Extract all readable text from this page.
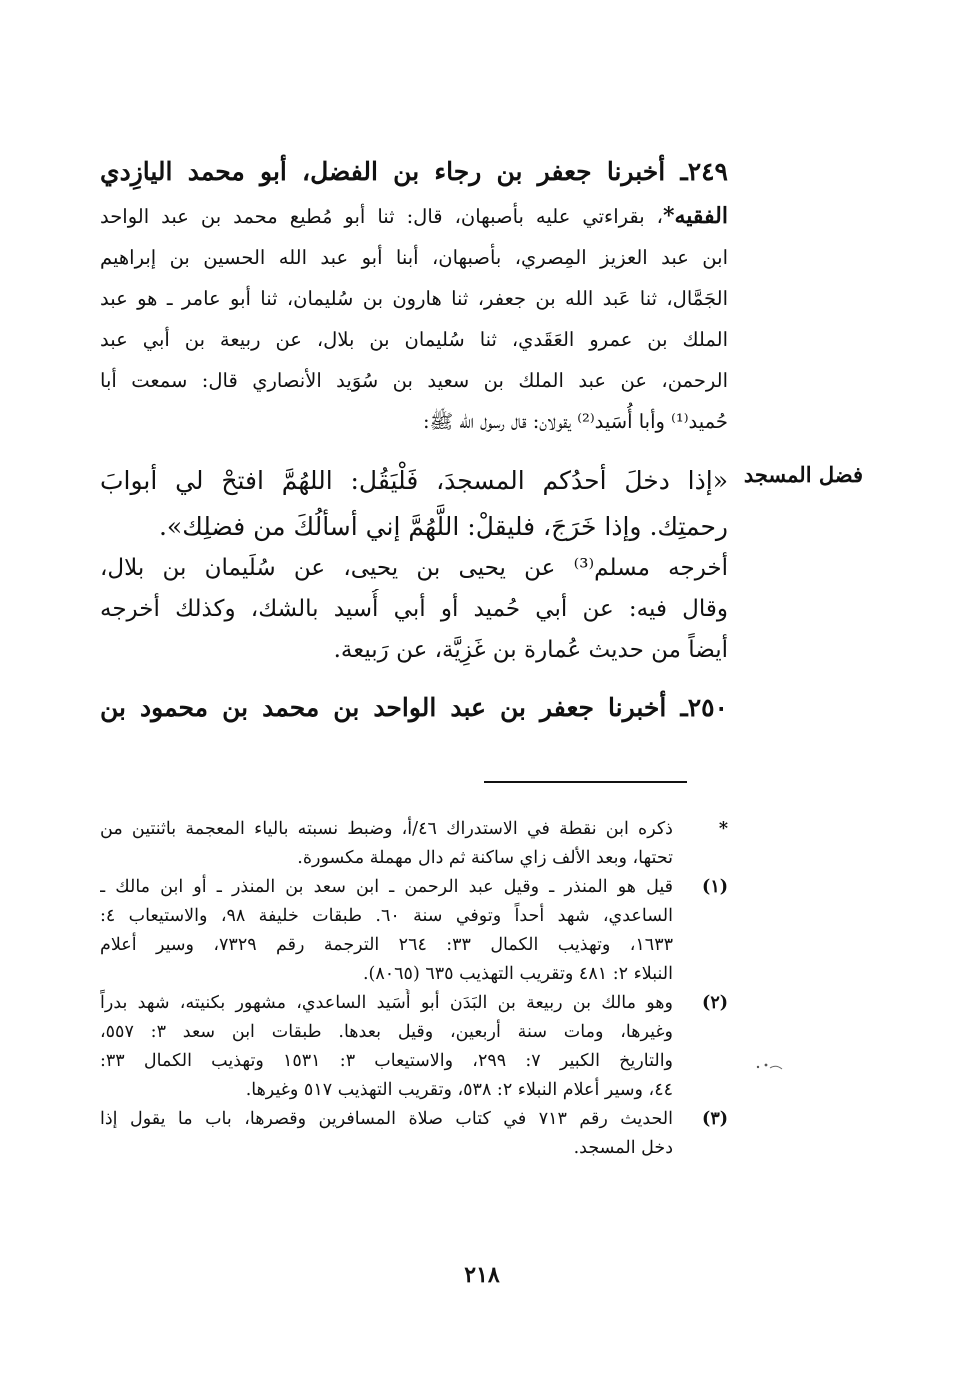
٢٤٩ـ أخبرنا جعفر بن رجاء بن الفضل، أبو محمد اليازِدي
الفقيه*، بقراءتي عليه بأصبهان، قال: ثنا أبو مُطيع محمد بن عبد الواحد
ابن عبد العزيز المِصري، بأصبهان، أبنا أبو عبد الله الحسين بن إبراهيم
الجَمَّال، ثنا عَبد الله بن جعفر، ثنا هارون بن سُليمان، ثنا أبو عامر ـ هو عبد
الملك بن عمرو العَقَدي، ثنا سُليمان بن بلال، عن ربيعة بن أبي عبد
الرحمن، عن عبد الملك بن سعيد بن سُوَيد الأنصاري قال: سمعت أبا
حُميد⁽¹⁾ وأبا أُسَيد⁽²⁾ يقولان: قال رسول الله ﷺ:
فضل المسجد
«إذا دخلَ أحدُكم المسجدَ، فَلْيَقُل: اللهُمَّ افتحْ لي أبوابَ
رحمتِك. وإذا خَرَجَ، فليقلْ: اللَّهُمَّ إني أسألُكَ من فضلِك».
أخرجه مسلم⁽³⁾ عن يحيى بن يحيى، عن سُلَيمان بن بلال،
وقال فيه: عن أبي حُميد أو أبي أُسيد بالشك، وكذلك أخرجه
أيضاً من حديث عُمارة بن غَزِيَّة، عن رَبيعة.
٢٥٠ـ أخبرنا جعفر بن عبد الواحد بن محمد بن محمود بن
*
ذكره ابن نقطة في الاستدراك ٤٦/أ، وضبط نسبته بالياء المعجمة باثنتين من
تحتها، وبعد الألف زاي ساكنة ثم دال مهملة مكسورة.
(١)
قيل هو المنذر ـ وقيل عبد الرحمن ـ ابن سعد بن المنذر ـ أو ابن مالك ـ
الساعدي، شهد أحداً وتوفي سنة ٦٠. طبقات خليفة ٩٨، والاستيعاب ٤:
١٦٣٣، وتهذيب الكمال ٣٣: ٢٦٤ الترجمة رقم ٧٣٢٩، وسير أعلام
النبلاء ٢: ٤٨١ وتقريب التهذيب ٦٣٥ (٨٠٦٥).
(٢)
وهو مالك بن ربيعة بن البَدَن أبو أُسَيد الساعدي، مشهور بكنيته، شهد بدراً
وغيرها، ومات سنة أربعين، وقيل بعدها. طبقات ابن سعد ٣: ٥٥٧،
والتاريخ الكبير ٧: ٢٩٩، والاستيعاب ٣: ١٥٣١ وتهذيب الكمال ٣٣:
٤٤، وسير أعلام النبلاء ٢: ٥٣٨، وتقريب التهذيب ٥١٧ وغيرها.
(٣)
الحديث رقم ٧١٣ في كتاب صلاة المسافرين وقصرها، باب ما يقول إذا
دخل المسجد.
٢١٨
